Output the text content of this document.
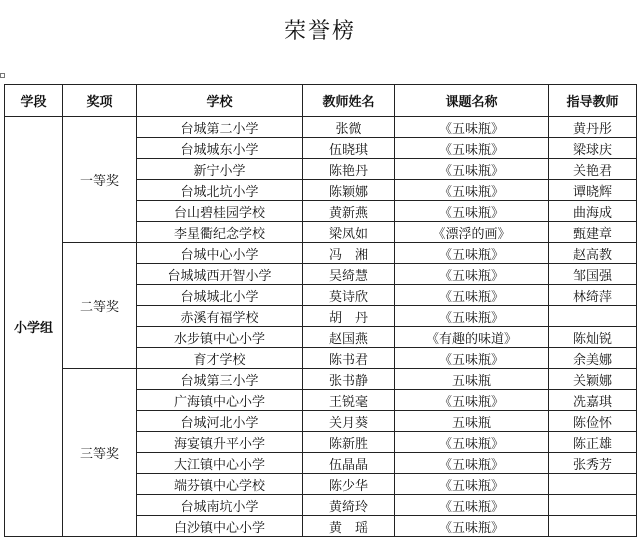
荣誉榜
学段	奖项	学校	教师姓名	课题名称	指导教师
小学组	一等奖	台城第二小学	张微	《五味瓶》	黄丹彤
		台城城东小学	伍晓琪	《五味瓶》	梁球庆
		新宁小学	陈艳丹	《五味瓶》	关艳君
		台城北坑小学	陈颖娜	《五味瓶》	谭晓辉
		台山碧桂园学校	黄新燕	《五味瓶》	曲海成
		李星衢纪念学校	梁凤如	《漂浮的画》	甄建章
	二等奖	台城中心小学	冯　湘	《五味瓶》	赵高教
		台城城西开智小学	吴绮慧	《五味瓶》	邹国强
		台城城北小学	莫诗欣	《五味瓶》	林绮萍
		赤溪有福学校	胡　丹	《五味瓶》	
		水步镇中心小学	赵国燕	《有趣的味道》	陈灿锐
		育才学校	陈书君	《五味瓶》	余美娜
	三等奖	台城第三小学	张书静	五味瓶	关颖娜
		广海镇中心小学	王锐毫	《五味瓶》	冼嘉琪
		台城河北小学	关月葵	五味瓶	陈俭怀
		海宴镇升平小学	陈新胜	《五味瓶》	陈正雄
		大江镇中心小学	伍晶晶	《五味瓶》	张秀芳
		端芬镇中心学校	陈少华	《五味瓶》	
		台城南坑小学	黄绮玲	《五味瓶》	
		白沙镇中心小学	黄　瑶	《五味瓶》	
